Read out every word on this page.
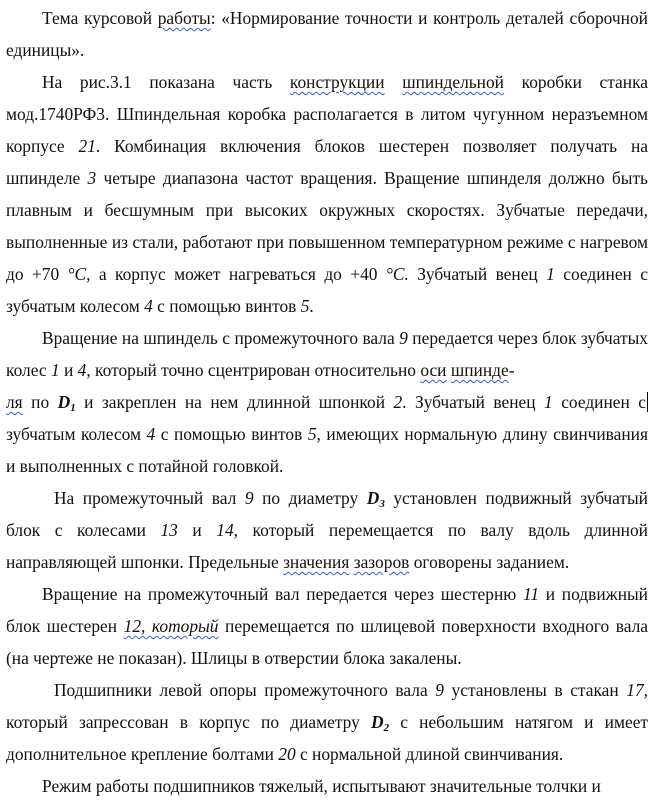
Тема курсовой работы: «Нормирование точности и контроль деталей сборочной единицы».

На рис.3.1 показана часть конструкции шпиндельной коробки станка мод.1740РФ3. Шпиндельная коробка располагается в литом чугунном неразъемном корпусе 21. Комбинация включения блоков шестерен позволяет получать на шпинделе 3 четыре диапазона частот вращения. Вращение шпинделя должно быть плавным и бесшумным при высоких окружных скоростях. Зубчатые передачи, выполненные из стали, работают при повышенном температурном режиме с нагревом до +70 °С, а корпус может нагреваться до +40 °С. Зубчатый венец 1 соединен с зубчатым колесом 4 с помощью винтов 5.

Вращение на шпиндель с промежуточного вала 9 передается через блок зубчатых колес 1 и 4, который точно сцентрирован относительно оси шпинде-
ля по $D_1$ и закреплен на нем длинной шпонкой 2. Зубчатый венец 1 соединен с зубчатым колесом 4 с помощью винтов 5, имеющих нормальную длину свинчивания и выполненных с потайной головкой.

На промежуточный вал 9 по диаметру $D_3$ установлен подвижный зубчатый блок с колесами 13 и 14, который перемещается по валу вдоль длинной направляющей шпонки. Предельные значения зазоров оговорены заданием.

Вращение на промежуточный вал передается через шестерню 11 и подвижный блок шестерен 12, который перемещается по шлицевой поверхности входного вала (на чертеже не показан). Шлицы в отверстии блока закалены.

Подшипники левой опоры промежуточного вала 9 установлены в стакан 17, который запрессован в корпус по диаметру $D_2$ с небольшим натягом и имеет дополнительное крепление болтами 20 с нормальной длиной свинчивания.

Режим работы подшипников тяжелый, испытывают значительные толчки и
